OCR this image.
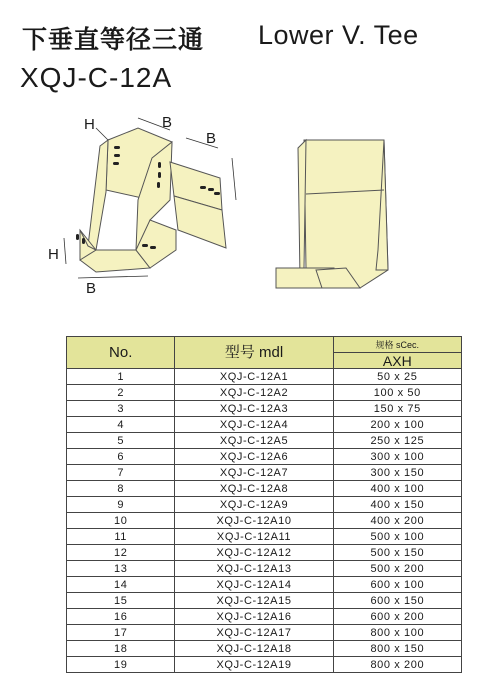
下垂直等径三通 Lower V. Tee
XQJ-C-12A
H	B
B
H
B
No.	型号 mdl	规格 sCec.
		AXH
1	XQJ-C-12A1	50 x 25
2	XQJ-C-12A2	100 x 50
3	XQJ-C-12A3	150 x 75
4	XQJ-C-12A4	200 x 100
5	XQJ-C-12A5	250 x 125
6	XQJ-C-12A6	300 x 100
7	XQJ-C-12A7	300 x 150
8	XQJ-C-12A8	400 x 100
9	XQJ-C-12A9	400 x 150
10	XQJ-C-12A10	400 x 200
11	XQJ-C-12A11	500 x 100
12	XQJ-C-12A12	500 x 150
13	XQJ-C-12A13	500 x 200
14	XQJ-C-12A14	600 x 100
15	XQJ-C-12A15	600 x 150
16	XQJ-C-12A16	600 x 200
17	XQJ-C-12A17	800 x 100
18	XQJ-C-12A18	800 x 150
19	XQJ-C-12A19	800 x 200
